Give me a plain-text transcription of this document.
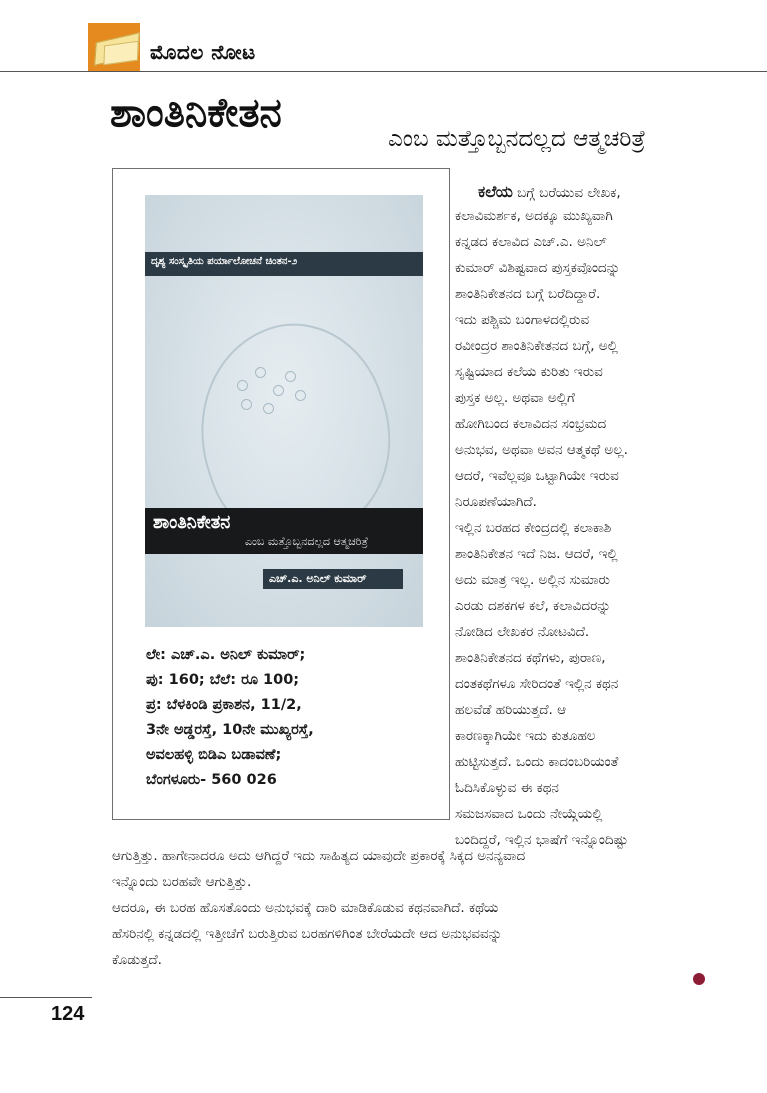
ಮೊದಲ ನೋಟ
ಶಾಂತಿನಿಕೇತನ
ಎಂಬ ಮತ್ತೊಬ್ಬನದಲ್ಲದ ಆತ್ಮಚರಿತ್ರೆ
ದೃಶ್ಯ ಸಂಸ್ಕೃತಿಯ ಪರ್ಯಾಲೋಚನೆ ಚಿಂತನ-೨
ಶಾಂತಿನಿಕೇತನ
ಎಂಬ ಮತ್ತೊಬ್ಬನದಲ್ಲದ ಆತ್ಮಚರಿತ್ರೆ
ಎಚ್.ಎ. ಅನಿಲ್ ಕುಮಾರ್
ಲೇ: ಎಚ್.ಎ. ಅನಿಲ್ ಕುಮಾರ್;
ಪು: 160; ಬೆಲೆ: ರೂ 100;
ಪ್ರ: ಬೆಳಕಿಂಡಿ ಪ್ರಕಾಶನ, 11/2,
3ನೇ ಅಡ್ಡರಸ್ತೆ, 10ನೇ ಮುಖ್ಯರಸ್ತೆ,
ಅವಲಹಳ್ಳಿ ಬಿಡಿಎ ಬಡಾವಣೆ;
ಬೆಂಗಳೂರು- 560 026
ಕಲೆಯ ಬಗ್ಗೆ ಬರೆಯುವ ಲೇಖಕ,
ಕಲಾವಿಮರ್ಶಕ, ಅದಕ್ಕೂ ಮುಖ್ಯವಾಗಿ
ಕನ್ನಡದ ಕಲಾವಿದ ಎಚ್.ಎ. ಅನಿಲ್
ಕುಮಾರ್ ವಿಶಿಷ್ಟವಾದ ಪುಸ್ತಕವೊಂದನ್ನು
ಶಾಂತಿನಿಕೇತನದ ಬಗ್ಗೆ ಬರೆದಿದ್ದಾರೆ.
ಇದು ಪಶ್ಚಿಮ ಬಂಗಾಳದಲ್ಲಿರುವ
ರವೀಂದ್ರರ ಶಾಂತಿನಿಕೇತನದ ಬಗ್ಗೆ, ಅಲ್ಲಿ
ಸೃಷ್ಟಿಯಾದ ಕಲೆಯ ಕುರಿತು ಇರುವ
ಪುಸ್ತಕ ಅಲ್ಲ. ಅಥವಾ ಅಲ್ಲಿಗೆ
ಹೋಗಿಬಂದ ಕಲಾವಿದನ ಸಂಭ್ರಮದ
ಅನುಭವ, ಅಥವಾ ಅವನ ಆತ್ಮಕಥೆ ಅಲ್ಲ.
ಆದರೆ, ಇವೆಲ್ಲವೂ ಒಟ್ಟಾಗಿಯೇ ಇರುವ
ನಿರೂಪಣೆಯಾಗಿದೆ.
ಇಲ್ಲಿನ ಬರಹದ ಕೇಂದ್ರದಲ್ಲಿ ಕಲಾಕಾಶಿ
ಶಾಂತಿನಿಕೇತನ ಇದೆ ನಿಜ. ಆದರೆ, ಇಲ್ಲಿ
ಅದು ಮಾತ್ರ ಇಲ್ಲ. ಅಲ್ಲಿನ ಸುಮಾರು
ಎರಡು ದಶಕಗಳ ಕಲೆ, ಕಲಾವಿದರನ್ನು
ನೋಡಿದ ಲೇಖಕರ ನೋಟವಿದೆ.
ಶಾಂತಿನಿಕೇತನದ ಕಥೆಗಳು, ಪುರಾಣ,
ದಂತಕಥೆಗಳೂ ಸೇರಿದಂತೆ ಇಲ್ಲಿನ ಕಥನ
ಹಲವೆಡೆ ಹರಿಯುತ್ತದೆ. ಆ
ಕಾರಣಕ್ಕಾಗಿಯೇ ಇದು ಕುತೂಹಲ
ಹುಟ್ಟಿಸುತ್ತದೆ. ಒಂದು ಕಾದಂಬರಿಯಂತೆ
ಓದಿಸಿಕೊಳ್ಳುವ ಈ ಕಥನ
ಸಮಜಸವಾದ ಒಂದು ನೇಯ್ಗೆಯಲ್ಲಿ
ಬಂದಿದ್ದರೆ, ಇಲ್ಲಿನ ಭಾಷೆಗೆ ಇನ್ನೊಂದಿಷ್ಟು
ಆಗುತ್ತಿತ್ತು. ಹಾಗೇನಾದರೂ ಅದು ಆಗಿದ್ದರೆ ಇದು ಸಾಹಿತ್ಯದ ಯಾವುದೇ ಪ್ರಕಾರಕ್ಕೆ ಸಿಕ್ಕದ ಅನನ್ಯವಾದ
ಇನ್ನೊಂದು ಬರಹವೇ ಆಗುತ್ತಿತ್ತು.
ಆದರೂ, ಈ ಬರಹ ಹೊಸತೊಂದು ಅನುಭವಕ್ಕೆ ದಾರಿ ಮಾಡಿಕೊಡುವ ಕಥನವಾಗಿದೆ. ಕಥೆಯ
ಹೆಸರಿನಲ್ಲಿ ಕನ್ನಡದಲ್ಲಿ ಇತ್ತೀಚೆಗೆ ಬರುತ್ತಿರುವ ಬರಹಗಳಿಗಿಂತ ಬೇರೆಯದೇ ಆದ ಅನುಭವವನ್ನು
ಕೊಡುತ್ತದೆ.
124
